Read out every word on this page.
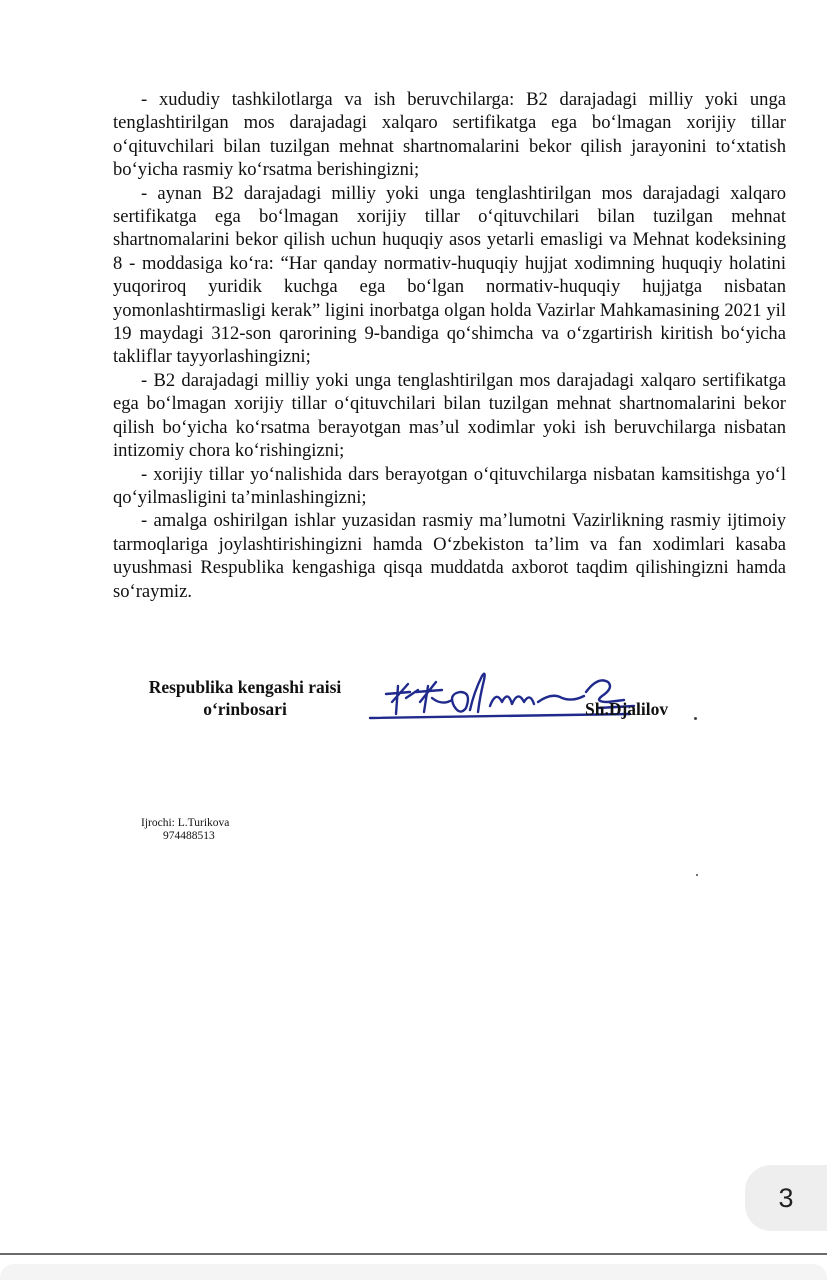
- xududiy tashkilotlarga va ish beruvchilarga: B2 darajadagi milliy yoki unga tenglashtirilgan mos darajadagi xalqaro sertifikatga ega bo‘lmagan xorijiy tillar o‘qituvchilari bilan tuzilgan mehnat shartnomalarini bekor qilish jarayonini to‘xtatish bo‘yicha rasmiy ko‘rsatma berishingizni;

- aynan B2 darajadagi milliy yoki unga tenglashtirilgan mos darajadagi xalqaro sertifikatga ega bo‘lmagan xorijiy tillar o‘qituvchilari bilan tuzilgan mehnat shartnomalarini bekor qilish uchun huquqiy asos yetarli emasligi va Mehnat kodeksining 8 - moddasiga ko‘ra: “Har qanday normativ-huquqiy hujjat xodimning huquqiy holatini yuqoriroq yuridik kuchga ega bo‘lgan normativ-huquqiy hujjatga nisbatan yomonlashtirmasligi kerak” ligini inorbatga olgan holda Vazirlar Mahkamasining 2021 yil 19 maydagi 312-son qarorining 9-bandiga qo‘shimcha va o‘zgartirish kiritish bo‘yicha takliflar tayyorlashingizni;

- B2 darajadagi milliy yoki unga tenglashtirilgan mos darajadagi xalqaro sertifikatga ega bo‘lmagan xorijiy tillar o‘qituvchilari bilan tuzilgan mehnat shartnomalarini bekor qilish bo‘yicha ko‘rsatma berayotgan mas’ul xodimlar yoki ish beruvchilarga nisbatan intizomiy chora ko‘rishingizni;

- xorijiy tillar yo‘nalishida dars berayotgan o‘qituvchilarga nisbatan kamsitishga yo‘l qo‘yilmasligini ta’minlashingizni;

- amalga oshirilgan ishlar yuzasidan rasmiy ma’lumotni Vazirlikning rasmiy ijtimoiy tarmoqlariga joylashtirishingizni hamda O‘zbekiston ta’lim va fan xodimlari kasaba uyushmasi Respublika kengashiga qisqa muddatda axborot taqdim qilishingizni hamda so‘raymiz.

Respublika kengashi raisi
o‘rinbosari	Sh.Djalilov
Ijrochi: L.Turikova
974488513
3
